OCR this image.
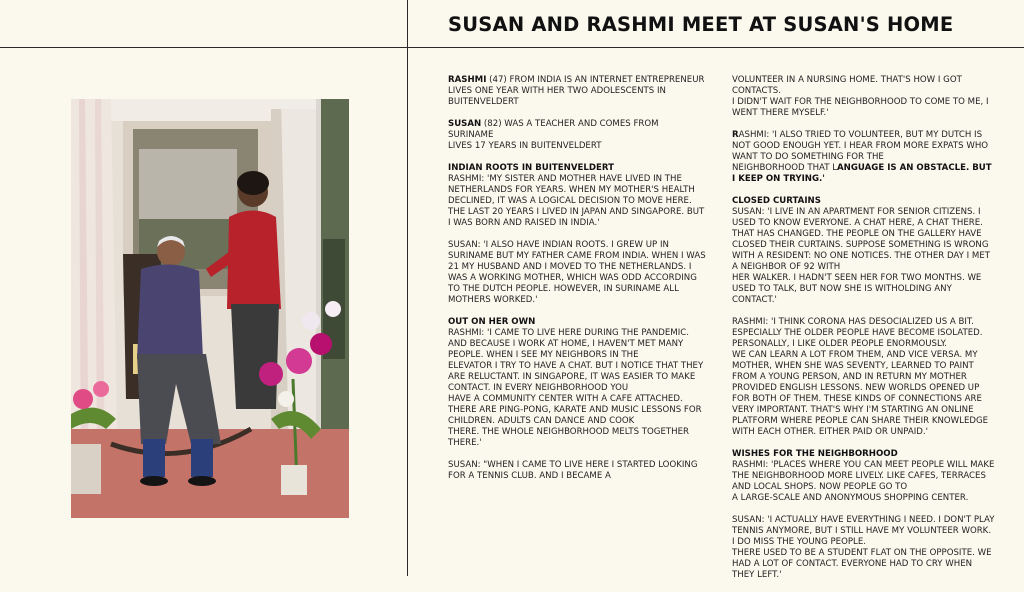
SUSAN AND RASHMI MEET AT SUSAN'S HOME

RASHMI (47) FROM INDIA IS AN INTERNET ENTREPRENEUR
LIVES ONE YEAR WITH HER TWO ADOLESCENTS IN BUITENVELDERT

SUSAN (82) WAS A TEACHER AND COMES FROM SURINAME
LIVES 17 YEARS IN BUITENVELDERT

INDIAN ROOTS IN BUITENVELDERT
RASHMI: 'MY SISTER AND MOTHER HAVE LIVED IN THE NETHERLANDS FOR YEARS. WHEN MY MOTHER'S HEALTH DECLINED, IT WAS A LOGICAL DECISION TO MOVE HERE. THE LAST 20 YEARS I LIVED IN JAPAN AND SINGAPORE. BUT I WAS BORN AND RAISED IN INDIA.'

SUSAN: 'I ALSO HAVE INDIAN ROOTS. I GREW UP IN SURINAME BUT MY FATHER CAME FROM INDIA. WHEN I WAS 21 MY HUSBAND AND I MOVED TO THE NETHERLANDS. I WAS A WORKING MOTHER, WHICH WAS ODD ACCORDING TO THE DUTCH PEOPLE. HOWEVER, IN SURINAME ALL MOTHERS WORKED.'

OUT ON HER OWN
RASHMI: 'I CAME TO LIVE HERE DURING THE PANDEMIC. AND BECAUSE I WORK AT HOME, I HAVEN'T MET MANY PEOPLE. WHEN I SEE MY NEIGHBORS IN THE
ELEVATOR I TRY TO HAVE A CHAT. BUT I NOTICE THAT THEY ARE RELUCTANT. IN SINGAPORE, IT WAS EASIER TO MAKE CONTACT. IN EVERY NEIGHBORHOOD YOU
HAVE A COMMUNITY CENTER WITH A CAFE ATTACHED. THERE ARE PING-PONG, KARATE AND MUSIC LESSONS FOR CHILDREN. ADULTS CAN DANCE AND COOK
THERE. THE WHOLE NEIGHBORHOOD MELTS TOGETHER THERE.'

SUSAN: "WHEN I CAME TO LIVE HERE I STARTED LOOKING FOR A TENNIS CLUB. AND I BECAME A

VOLUNTEER IN A NURSING HOME. THAT'S HOW I GOT CONTACTS.
I DIDN'T WAIT FOR THE NEIGHBORHOOD TO COME TO ME, I WENT THERE MYSELF.'

RASHMI: 'I ALSO TRIED TO VOLUNTEER, BUT MY DUTCH IS NOT GOOD ENOUGH YET. I HEAR FROM MORE EXPATS WHO WANT TO DO SOMETHING FOR THE
NEIGHBORHOOD THAT LANGUAGE IS AN OBSTACLE. BUT I KEEP ON TRYING.'

CLOSED CURTAINS
SUSAN: 'I LIVE IN AN APARTMENT FOR SENIOR CITIZENS. I USED TO KNOW EVERYONE. A CHAT HERE, A CHAT THERE. THAT HAS CHANGED. THE PEOPLE ON THE GALLERY HAVE CLOSED THEIR CURTAINS. SUPPOSE SOMETHING IS WRONG WITH A RESIDENT: NO ONE NOTICES. THE OTHER DAY I MET A NEIGHBOR OF 92 WITH
HER WALKER. I HADN'T SEEN HER FOR TWO MONTHS. WE USED TO TALK, BUT NOW SHE IS WITHOLDING ANY CONTACT.'

RASHMI: 'I THINK CORONA HAS DESOCIALIZED US A BIT. ESPECIALLY THE OLDER PEOPLE HAVE BECOME ISOLATED. PERSONALLY, I LIKE OLDER PEOPLE ENORMOUSLY.
WE CAN LEARN A LOT FROM THEM, AND VICE VERSA. MY MOTHER, WHEN SHE WAS SEVENTY, LEARNED TO PAINT FROM A YOUNG PERSON, AND IN RETURN MY MOTHER PROVIDED ENGLISH LESSONS. NEW WORLDS OPENED UP FOR BOTH OF THEM. THESE KINDS OF CONNECTIONS ARE VERY IMPORTANT. THAT'S WHY I'M STARTING AN ONLINE PLATFORM WHERE PEOPLE CAN SHARE THEIR KNOWLEDGE WITH EACH OTHER. EITHER PAID OR UNPAID.'

WISHES FOR THE NEIGHBORHOOD
RASHMI: 'PLACES WHERE YOU CAN MEET PEOPLE WILL MAKE THE NEIGHBORHOOD MORE LIVELY. LIKE CAFES, TERRACES AND LOCAL SHOPS. NOW PEOPLE GO TO
A LARGE-SCALE AND ANONYMOUS SHOPPING CENTER.

SUSAN: 'I ACTUALLY HAVE EVERYTHING I NEED. I DON'T PLAY TENNIS ANYMORE, BUT I STILL HAVE MY VOLUNTEER WORK. I DO MISS THE YOUNG PEOPLE.
THERE USED TO BE A STUDENT FLAT ON THE OPPOSITE. WE HAD A LOT OF CONTACT. EVERYONE HAD TO CRY WHEN THEY LEFT.'
